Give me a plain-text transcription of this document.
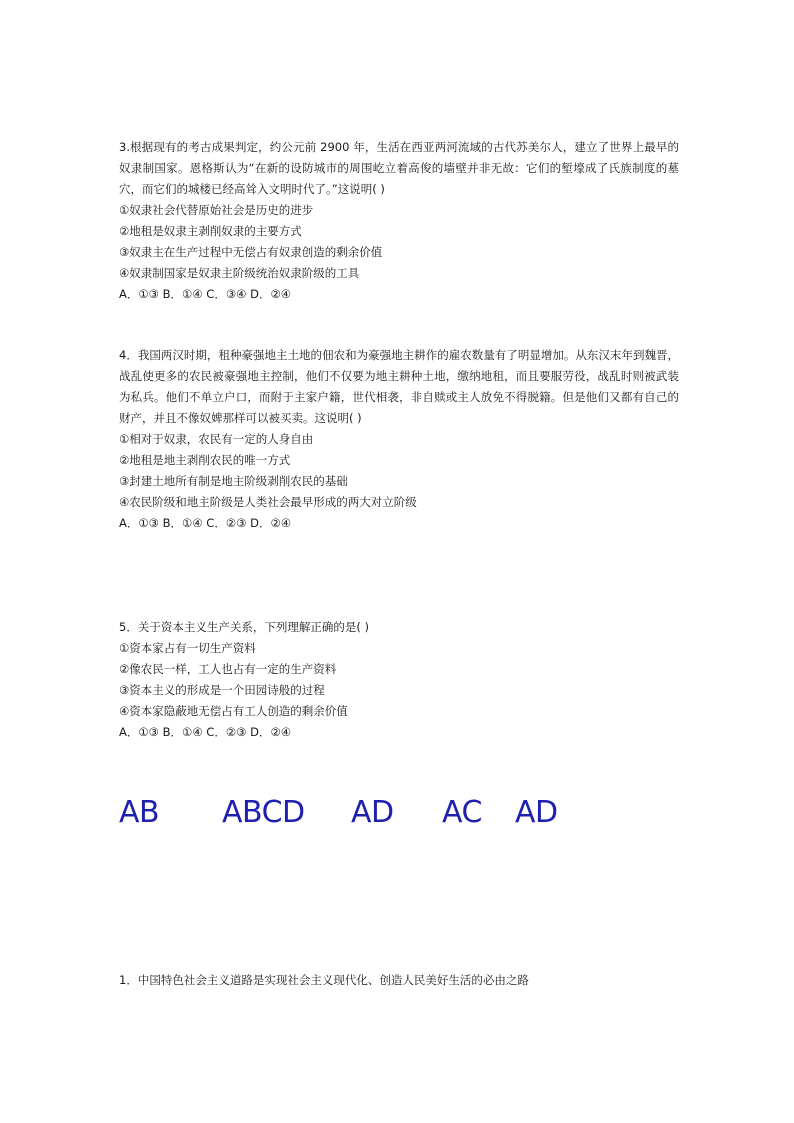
3.根据现有的考古成果判定，约公元前 2900 年，生活在西亚两河流域的古代苏美尔人，建立了世界上最早的奴隶制国家。恩格斯认为“在新的设防城市的周围屹立着高俊的墙壁并非无故：它们的堑壕成了氏族制度的墓穴，而它们的城楼已经高耸入文明时代了。”这说明( )
①奴隶社会代替原始社会是历史的进步
②地租是奴隶主剥削奴隶的主要方式
③奴隶主在生产过程中无偿占有奴隶创造的剩余价值
④奴隶制国家是奴隶主阶级统治奴隶阶级的工具
A．①③ B．①④ C．③④ D．②④
4．我国两汉时期，租种豪强地主土地的佃农和为豪强地主耕作的雇农数量有了明显增加。从东汉末年到魏晋，战乱使更多的农民被豪强地主控制，他们不仅要为地主耕种土地，缴纳地租，而且要服劳役，战乱时则被武装为私兵。他们不单立户口，而附于主家户籍，世代相袭，非自赎或主人放免不得脱籍。但是他们又都有自己的财产，并且不像奴婢那样可以被买卖。这说明( )
①相对于奴隶，农民有一定的人身自由
②地租是地主剥削农民的唯一方式
③封建土地所有制是地主阶级剥削农民的基础
④农民阶级和地主阶级是人类社会最早形成的两大对立阶级
A．①③ B．①④ C．②③ D．②④
5．关于资本主义生产关系，下列理解正确的是( )
①资本家占有一切生产资料
②像农民一样，工人也占有一定的生产资料
③资本主义的形成是一个田园诗般的过程
④资本家隐蔽地无偿占有工人创造的剩余价值
A．①③ B．①④ C．②③ D．②④
AB ABCD AD AC AD
1．中国特色社会主义道路是实现社会主义现代化、创造人民美好生活的必由之路
